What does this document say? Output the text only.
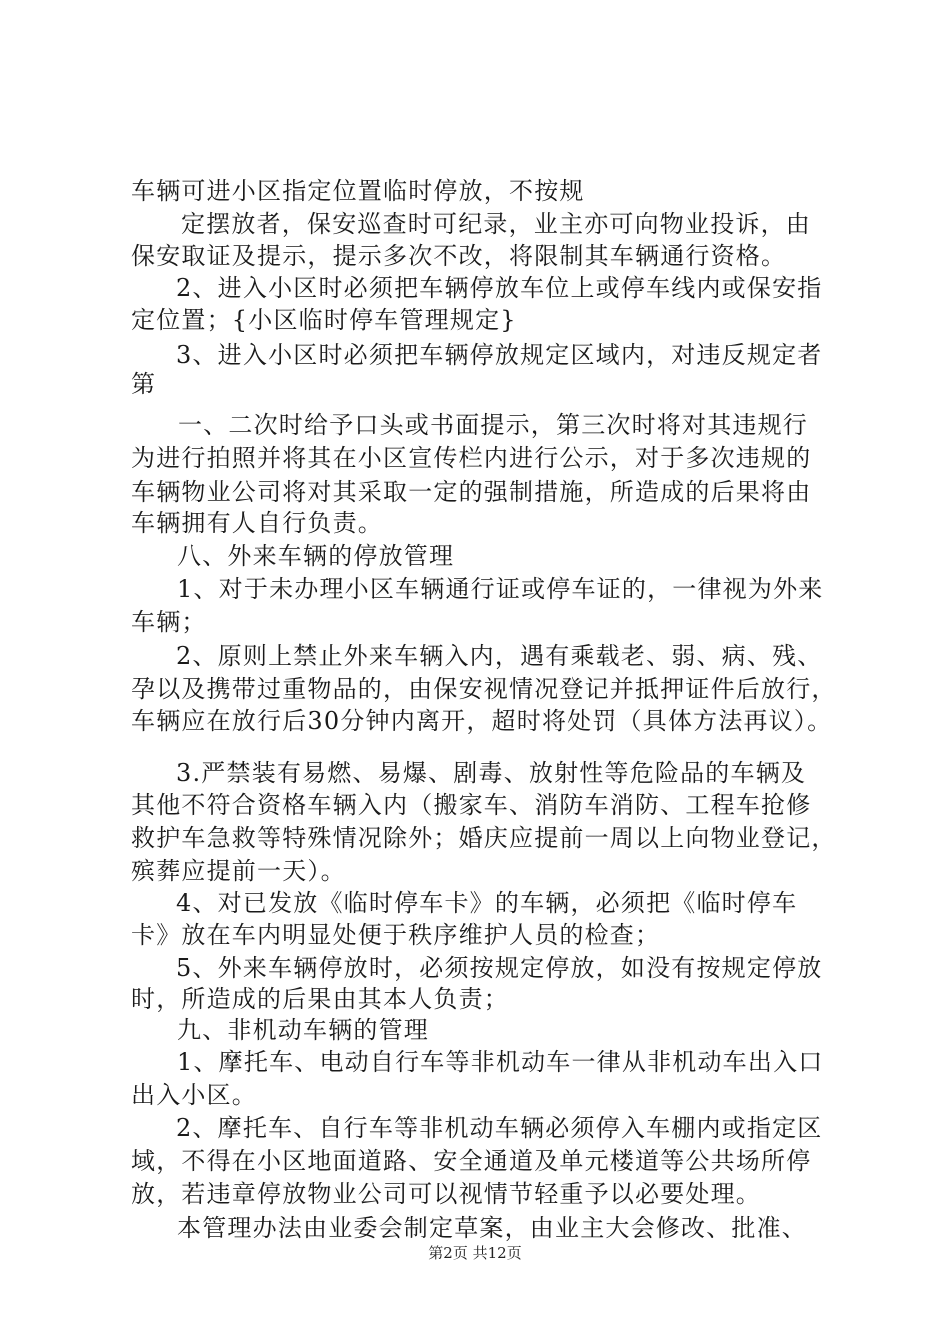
车辆可进小区指定位置临时停放，不按规
定摆放者，保安巡查时可纪录，业主亦可向物业投诉，由
保安取证及提示，提示多次不改，将限制其车辆通行资格。
2、进入小区时必须把车辆停放车位上或停车线内或保安指
定位置；{小区临时停车管理规定}
3、进入小区时必须把车辆停放规定区域内，对违反规定者
第
一、二次时给予口头或书面提示，第三次时将对其违规行
为进行拍照并将其在小区宣传栏内进行公示，对于多次违规的
车辆物业公司将对其采取一定的强制措施，所造成的后果将由
车辆拥有人自行负责。
八、外来车辆的停放管理
1、对于未办理小区车辆通行证或停车证的，一律视为外来
车辆；
2、原则上禁止外来车辆入内，遇有乘载老、弱、病、残、
孕以及携带过重物品的，由保安视情况登记并抵押证件后放行，
车辆应在放行后30分钟内离开，超时将处罚（具体方法再议）。
3.严禁装有易燃、易爆、剧毒、放射性等危险品的车辆及
其他不符合资格车辆入内（搬家车、消防车消防、工程车抢修
救护车急救等特殊情况除外；婚庆应提前一周以上向物业登记，
殡葬应提前一天）。
4、对已发放《临时停车卡》的车辆，必须把《临时停车
卡》放在车内明显处便于秩序维护人员的检查；
5、外来车辆停放时，必须按规定停放，如没有按规定停放
时，所造成的后果由其本人负责；
九、非机动车辆的管理
1、摩托车、电动自行车等非机动车一律从非机动车出入口
出入小区。
2、摩托车、自行车等非机动车辆必须停入车棚内或指定区
域，不得在小区地面道路、安全通道及单元楼道等公共场所停
放，若违章停放物业公司可以视情节轻重予以必要处理。
本管理办法由业委会制定草案，由业主大会修改、批准、
第2页 共12页
